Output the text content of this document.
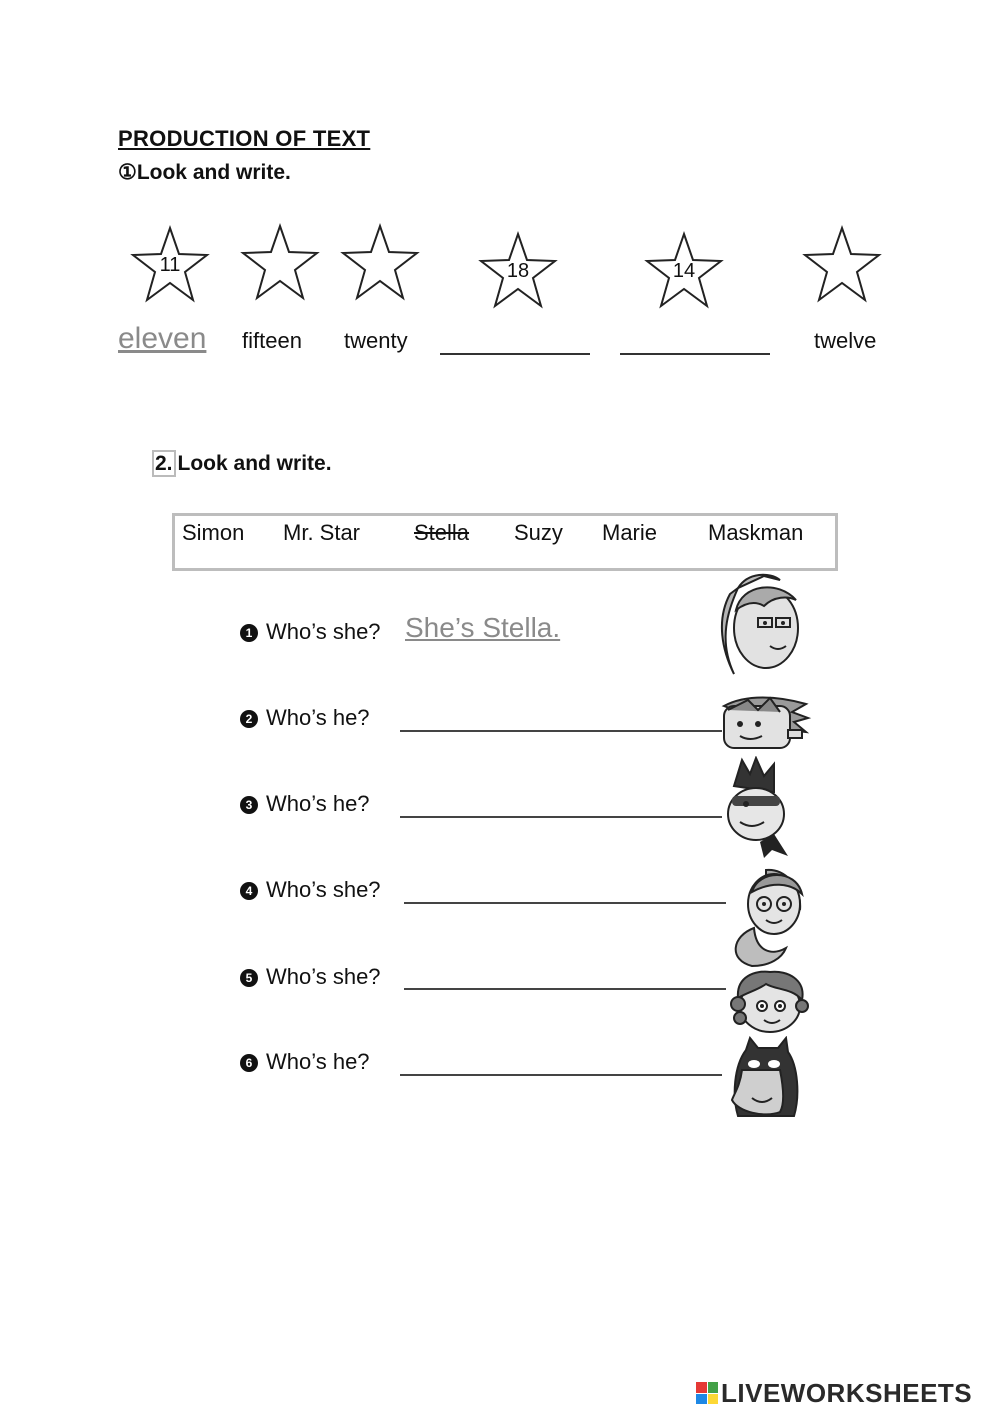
PRODUCTION OF TEXT
①Look and write.
11	18	14
eleven fifteen twenty	twelve
2. Look and write.
Simon Mr. Star Stella Suzy Marie Maskman
1 Who’s she? She’s Stella.
2 Who’s he?
3 Who’s he?
4 Who’s she?
5 Who’s she?
6 Who’s he?
LIVEWORKSHEETS
